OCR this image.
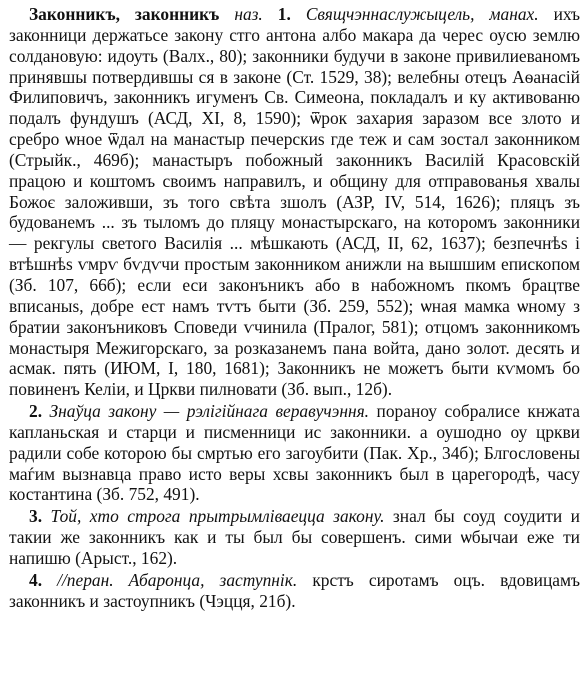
Законникъ, законникъ наз. 1. Свящчэннаслужыцель, манах. ихъ законници держатьсе закону стго антона албо макара да черес оусю землю солдановую: идоуть (Валх., 80); законники будучи в законе привилиеваномъ принявшы потвердившы ся в законе (Ст. 1529, 38); велебны отецъ Аѳанасій Филиповичъ, законникъ игуменъ Св. Симеона, покладалъ и ку активованю подалъ фундушъ (АСД, XI, 8, 1590); ѿрок захария заразом все злото и сребро ѡное ѿдал на манастыр печерскиѕ где теж и сам зостал законником (Стрыйк., 469б); манастыръ побожный законникъ Василій Красовскій працою и коштомъ своимъ направилъ, и общину для отправованья хвалы Божоє заложивши, зъ того свѣта зшолъ (АЗР, IV, 514, 1626); пляцъ зъ будованемъ ... зъ тыломъ до пляцу монастырскаго, на которомъ законники — рекгулы светого Василія ... мѣшкають (АСД, II, 62, 1637); безпечнѣѕ і втѣшнѣѕ ѵмрѵ бѵдѵчи простым законником анижли на вышшим епископом (Зб. 107, 66б); если еси законъникъ або в набожномъ пкомъ брацтве вписаныѕ, добре ест намъ тѵтъ быти (Зб. 259, 552); ѡная мамка ѡному з братии законъниковъ Споведи ѵчинила (Пралог, 581); отцомъ законникомъ монастыря Межигорскаго, за розказанемъ пана войта, дано золот. десять и асмак. пять (ИЮМ, I, 180, 1681); Законникъ не можетъ быти кѵмомъ бо повиненъ Келіи, и Цркви пилновати (Зб. вып., 12б).

2. Знаўца закону — рэлігійнага веравучэння. пораноу собралисе кнжата капланьская и старци и писменници ис законники. а оушодно оу цркви радили собе которою бы смртью его загоубити (Пак. Хр., 34б); Блгословены маѓим вызнавца право исто веры хсвы законникъ был в царегородѣ, часу костантина (Зб. 752, 491).

3. Той, хто строга прытрымліваецца закону. знал бы соуд соудити и такии же законникъ как и ты был бы совершенъ. сими ѡбычаи еже ти напишю (Арыст., 162).

4. //перан. Абаронца, заступнік. крстъ сиротамъ оцъ. вдовицамъ законникъ и застоупникъ (Чэцця, 21б).
